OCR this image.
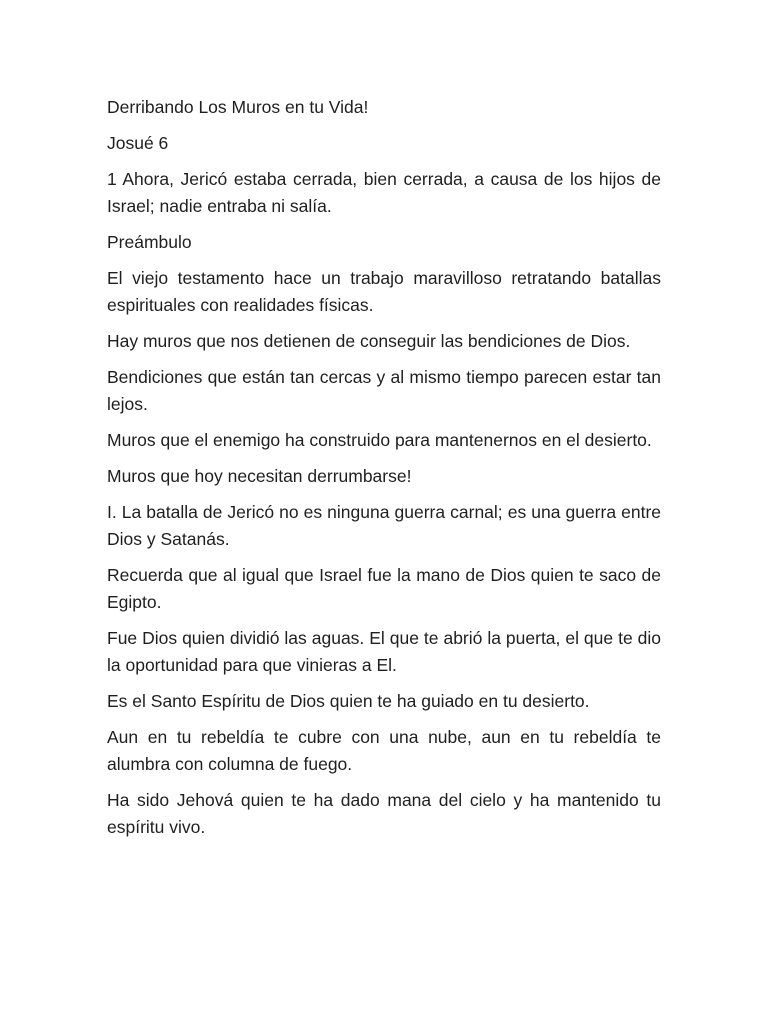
Derribando Los Muros en tu Vida!

Josué 6

1 Ahora, Jericó estaba cerrada, bien cerrada, a causa de los hijos de Israel; nadie entraba ni salía.

Preámbulo

El viejo testamento hace un trabajo maravilloso retratando batallas espirituales con realidades físicas.

Hay muros que nos detienen de conseguir las bendiciones de Dios.

Bendiciones que están tan cercas y al mismo tiempo parecen estar tan lejos.

Muros que el enemigo ha construido para mantenernos en el desierto.

Muros que hoy necesitan derrumbarse!

I. La batalla de Jericó no es ninguna guerra carnal; es una guerra entre Dios y Satanás.

Recuerda que al igual que Israel fue la mano de Dios quien te saco de Egipto.

Fue Dios quien dividió las aguas. El que te abrió la puerta, el que te dio la oportunidad para que vinieras a El.

Es el Santo Espíritu de Dios quien te ha guiado en tu desierto.

Aun en tu rebeldía te cubre con una nube, aun en tu rebeldía te alumbra con columna de fuego.

Ha sido Jehová quien te ha dado mana del cielo y ha mantenido tu espíritu vivo.
